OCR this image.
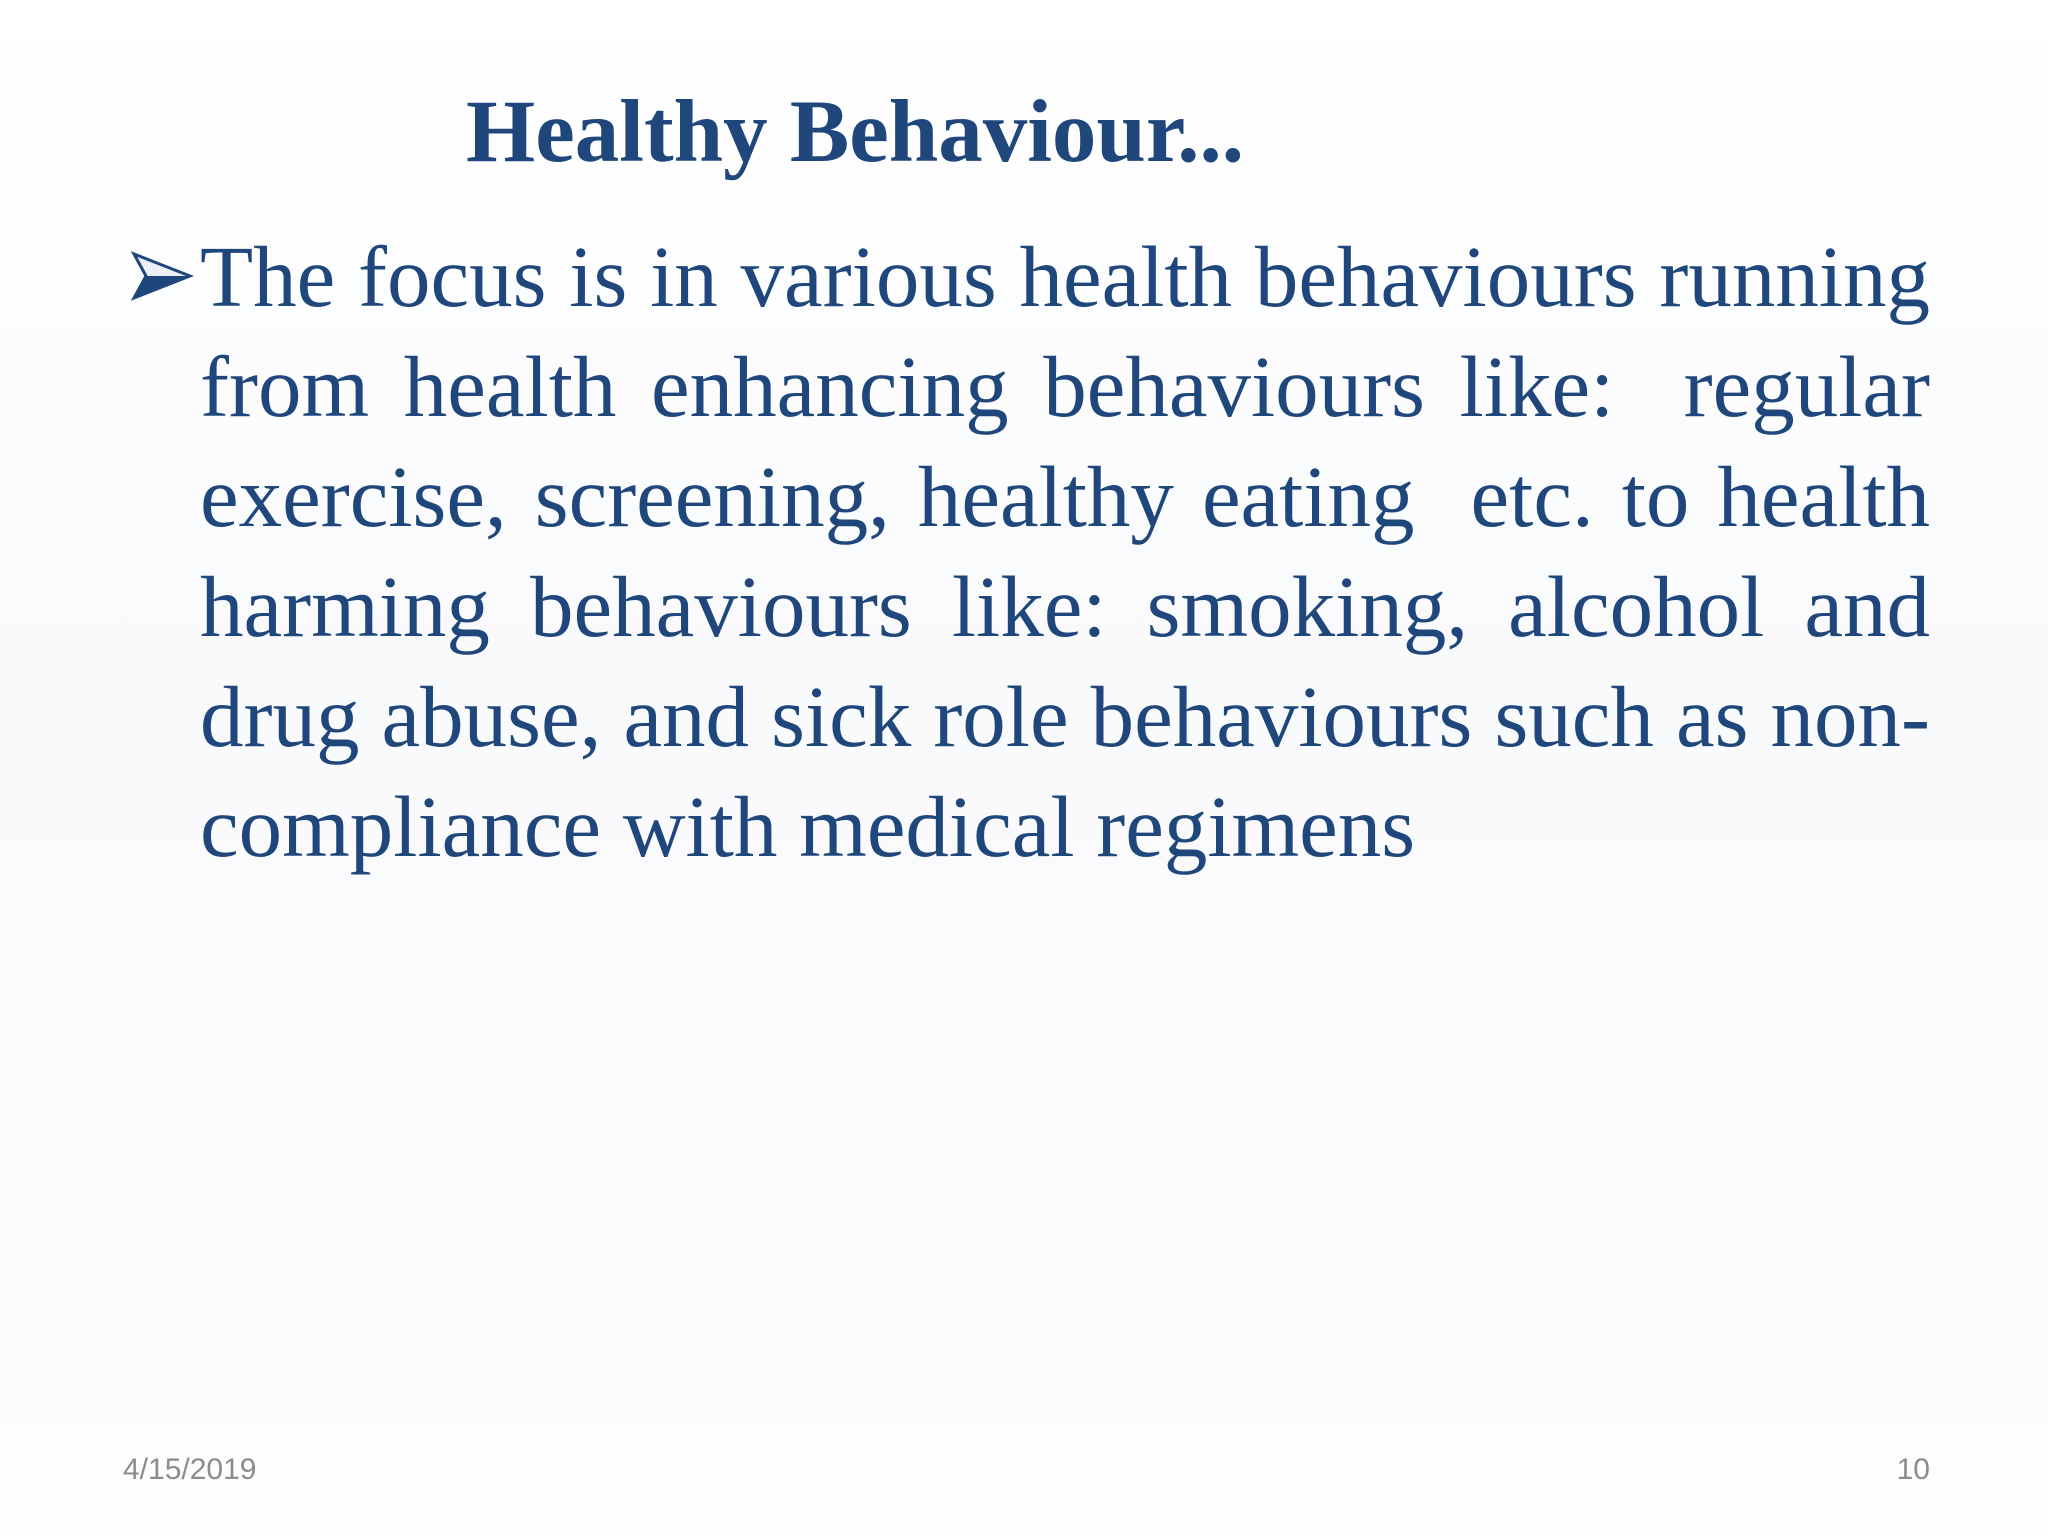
Healthy Behaviour...

The focus is in various health behaviours running from health enhancing behaviours like:  regular exercise, screening, healthy eating  etc. to health harming behaviours like: smoking, alcohol and drug abuse, and sick role behaviours such as non-compliance with medical regimens

4/15/2019	10
